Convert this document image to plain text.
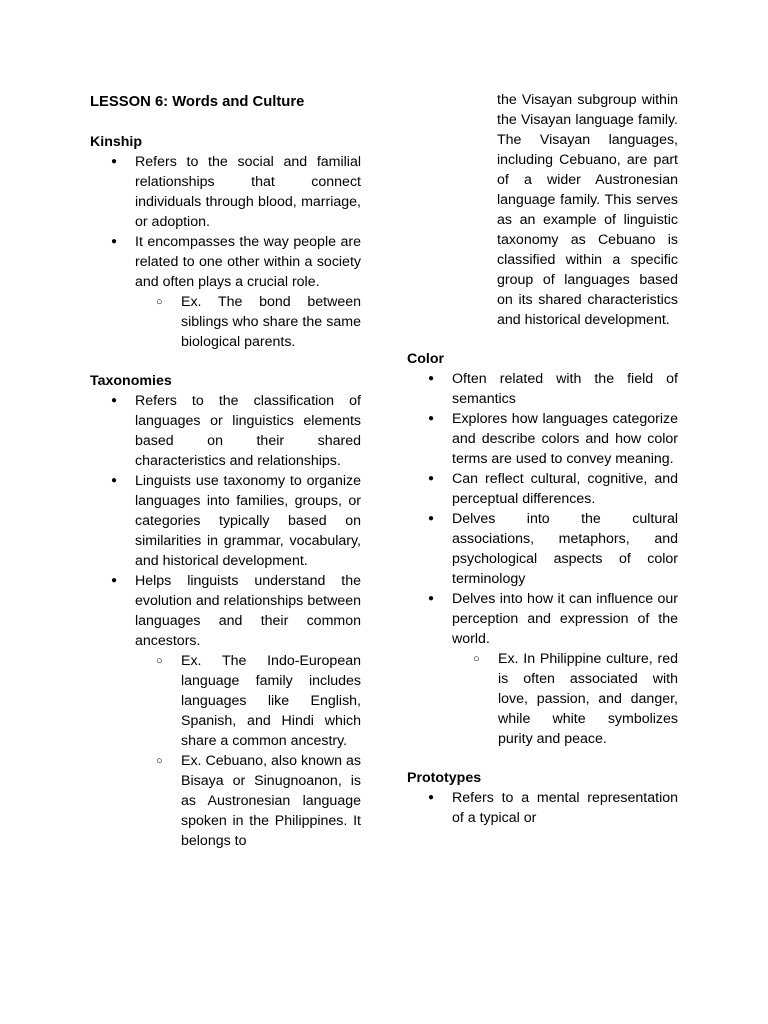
LESSON 6: Words and Culture
Kinship
● Refers to the social and familial relationships that connect individuals through blood, marriage, or adoption.
● It encompasses the way people are related to one other within a society and often plays a crucial role.
○ Ex. The bond between siblings who share the same biological parents.
Taxonomies
● Refers to the classification of languages or linguistics elements based on their shared characteristics and relationships.
● Linguists use taxonomy to organize languages into families, groups, or categories typically based on similarities in grammar, vocabulary, and historical development.
● Helps linguists understand the evolution and relationships between languages and their common ancestors.
○ Ex. The Indo-European language family includes languages like English, Spanish, and Hindi which share a common ancestry.
○ Ex. Cebuano, also known as Bisaya or Sinugnoanon, is as Austronesian language spoken in the Philippines. It belongs to
the Visayan subgroup within the Visayan language family. The Visayan languages, including Cebuano, are part of a wider Austronesian language family. This serves as an example of linguistic taxonomy as Cebuano is classified within a specific group of languages based on its shared characteristics and historical development.
Color
● Often related with the field of semantics
● Explores how languages categorize and describe colors and how color terms are used to convey meaning.
● Can reflect cultural, cognitive, and perceptual differences.
● Delves into the cultural associations, metaphors, and psychological aspects of color terminology
● Delves into how it can influence our perception and expression of the world.
○ Ex. In Philippine culture, red is often associated with love, passion, and danger, while white symbolizes purity and peace.
Prototypes
● Refers to a mental representation of a typical or
